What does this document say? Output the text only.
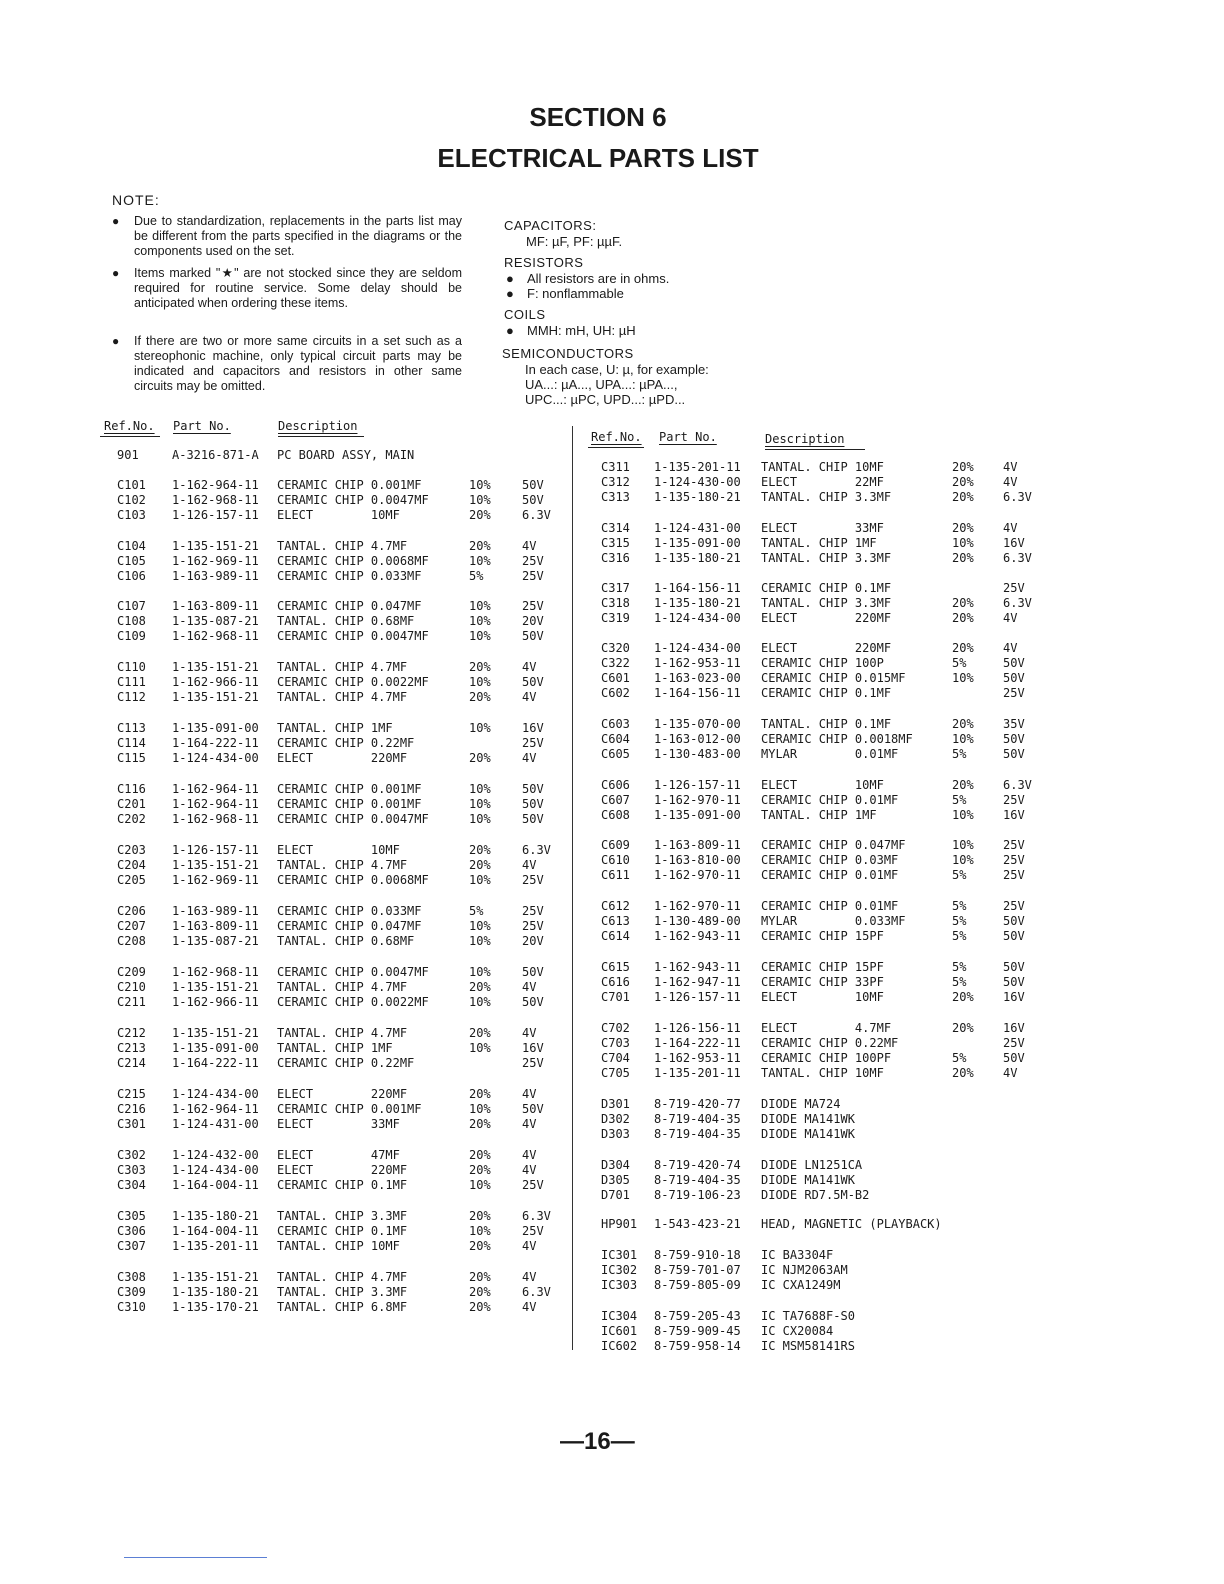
SECTION 6
ELECTRICAL PARTS LIST
NOTE:
● Due to standardization, replacements in the parts list may be different from the parts specified in the diagrams or the components used on the set.
● Items marked "★" are not stocked since they are seldom required for routine service. Some delay should be anticipated when ordering these items.
● If there are two or more same circuits in a set such as a stereophonic machine, only typical circuit parts may be indicated and capacitors and resistors in other same circuits may be omitted.
CAPACITORS:
MF: µF, PF: µµF.
RESISTORS
● All resistors are in ohms.
● F: nonflammable
COILS
● MMH: mH, UH: µH
SEMICONDUCTORS
In each case, U: µ, for example:
UA...: µA..., UPA...: µPA...,
UPC...: µPC, UPD...: µPD...
Ref.No. Part No.	Description
Ref.No. Part No.	Description
901	A-3216-871-A PC BOARD ASSY, MAIN
C101 1-162-964-11 CERAMIC CHIP 0.001MF	10%	50V
C102 1-162-968-11 CERAMIC CHIP 0.0047MF	10%	50V
C103 1-126-157-11 ELECT        10MF	20%	6.3V
C104 1-135-151-21 TANTAL. CHIP 4.7MF	20%	4V
C105 1-162-969-11 CERAMIC CHIP 0.0068MF	10%	25V
C106 1-163-989-11 CERAMIC CHIP 0.033MF	5%	25V
C107 1-163-809-11 CERAMIC CHIP 0.047MF	10%	25V
C108 1-135-087-21 TANTAL. CHIP 0.68MF	10%	20V
C109 1-162-968-11 CERAMIC CHIP 0.0047MF	10%	50V
C110 1-135-151-21 TANTAL. CHIP 4.7MF	20%	4V
C111 1-162-966-11 CERAMIC CHIP 0.0022MF	10%	50V
C112 1-135-151-21 TANTAL. CHIP 4.7MF	20%	4V
C113 1-135-091-00 TANTAL. CHIP 1MF	10%	16V
C114 1-164-222-11 CERAMIC CHIP 0.22MF	25V
C115 1-124-434-00 ELECT        220MF	20%	4V
C116 1-162-964-11 CERAMIC CHIP 0.001MF	10%	50V
C201 1-162-964-11 CERAMIC CHIP 0.001MF	10%	50V
C202 1-162-968-11 CERAMIC CHIP 0.0047MF	10%	50V
C203 1-126-157-11 ELECT        10MF	20%	6.3V
C204 1-135-151-21 TANTAL. CHIP 4.7MF	20%	4V
C205 1-162-969-11 CERAMIC CHIP 0.0068MF	10%	25V
C206 1-163-989-11 CERAMIC CHIP 0.033MF	5%	25V
C207 1-163-809-11 CERAMIC CHIP 0.047MF	10%	25V
C208 1-135-087-21 TANTAL. CHIP 0.68MF	10%	20V
C209 1-162-968-11 CERAMIC CHIP 0.0047MF	10%	50V
C210 1-135-151-21 TANTAL. CHIP 4.7MF	20%	4V
C211 1-162-966-11 CERAMIC CHIP 0.0022MF	10%	50V
C212 1-135-151-21 TANTAL. CHIP 4.7MF	20%	4V
C213 1-135-091-00 TANTAL. CHIP 1MF	10%	16V
C214 1-164-222-11 CERAMIC CHIP 0.22MF	25V
C215 1-124-434-00 ELECT        220MF	20%	4V
C216 1-162-964-11 CERAMIC CHIP 0.001MF	10%	50V
C301 1-124-431-00 ELECT        33MF	20%	4V
C302 1-124-432-00 ELECT        47MF	20%	4V
C303 1-124-434-00 ELECT        220MF	20%	4V
C304 1-164-004-11 CERAMIC CHIP 0.1MF	10%	25V
C305 1-135-180-21 TANTAL. CHIP 3.3MF	20%	6.3V
C306 1-164-004-11 CERAMIC CHIP 0.1MF	10%	25V
C307 1-135-201-11 TANTAL. CHIP 10MF	20%	4V
C308 1-135-151-21 TANTAL. CHIP 4.7MF	20%	4V
C309 1-135-180-21 TANTAL. CHIP 3.3MF	20%	6.3V
C310 1-135-170-21 TANTAL. CHIP 6.8MF	20%	4V
C311 1-135-201-11 TANTAL. CHIP 10MF	20% 4V
C312 1-124-430-00 ELECT        22MF	20% 4V
C313 1-135-180-21 TANTAL. CHIP 3.3MF	20% 6.3V
C314 1-124-431-00 ELECT        33MF	20% 4V
C315 1-135-091-00 TANTAL. CHIP 1MF	10% 16V
C316 1-135-180-21 TANTAL. CHIP 3.3MF	20% 6.3V
C317 1-164-156-11 CERAMIC CHIP 0.1MF	25V
C318 1-135-180-21 TANTAL. CHIP 3.3MF	20% 6.3V
C319 1-124-434-00 ELECT        220MF	20% 4V
C320 1-124-434-00 ELECT        220MF	20% 4V
C322 1-162-953-11 CERAMIC CHIP 100P	5%	50V
C601 1-163-023-00 CERAMIC CHIP 0.015MF	10% 50V
C602 1-164-156-11 CERAMIC CHIP 0.1MF	25V
C603 1-135-070-00 TANTAL. CHIP 0.1MF	20% 35V
C604 1-163-012-00 CERAMIC CHIP 0.0018MF	10% 50V
C605 1-130-483-00 MYLAR        0.01MF	5%	50V
C606 1-126-157-11 ELECT        10MF	20% 6.3V
C607 1-162-970-11 CERAMIC CHIP 0.01MF	5%	25V
C608 1-135-091-00 TANTAL. CHIP 1MF	10% 16V
C609 1-163-809-11 CERAMIC CHIP 0.047MF	10% 25V
C610 1-163-810-00 CERAMIC CHIP 0.03MF	10% 25V
C611 1-162-970-11 CERAMIC CHIP 0.01MF	5%	25V
C612 1-162-970-11 CERAMIC CHIP 0.01MF	5%	25V
C613 1-130-489-00 MYLAR        0.033MF	5%	50V
C614 1-162-943-11 CERAMIC CHIP 15PF	5%	50V
C615 1-162-943-11 CERAMIC CHIP 15PF	5%	50V
C616 1-162-947-11 CERAMIC CHIP 33PF	5%	50V
C701 1-126-157-11 ELECT        10MF	20% 16V
C702 1-126-156-11 ELECT        4.7MF	20% 16V
C703 1-164-222-11 CERAMIC CHIP 0.22MF	25V
C704 1-162-953-11 CERAMIC CHIP 100PF	5%	50V
C705 1-135-201-11 TANTAL. CHIP 10MF	20% 4V
D301 8-719-420-77 DIODE MA724
D302 8-719-404-35 DIODE MA141WK
D303 8-719-404-35 DIODE MA141WK
D304 8-719-420-74 DIODE LN1251CA
D305 8-719-404-35 DIODE MA141WK
D701 8-719-106-23 DIODE RD7.5M-B2
HP901 1-543-423-21 HEAD, MAGNETIC (PLAYBACK)
IC301 8-759-910-18 IC BA3304F
IC302 8-759-701-07 IC NJM2063AM
IC303 8-759-805-09 IC CXA1249M
IC304 8-759-205-43 IC TA7688F-S0
IC601 8-759-909-45 IC CX20084
IC602 8-759-958-14 IC MSM58141RS
—16—
